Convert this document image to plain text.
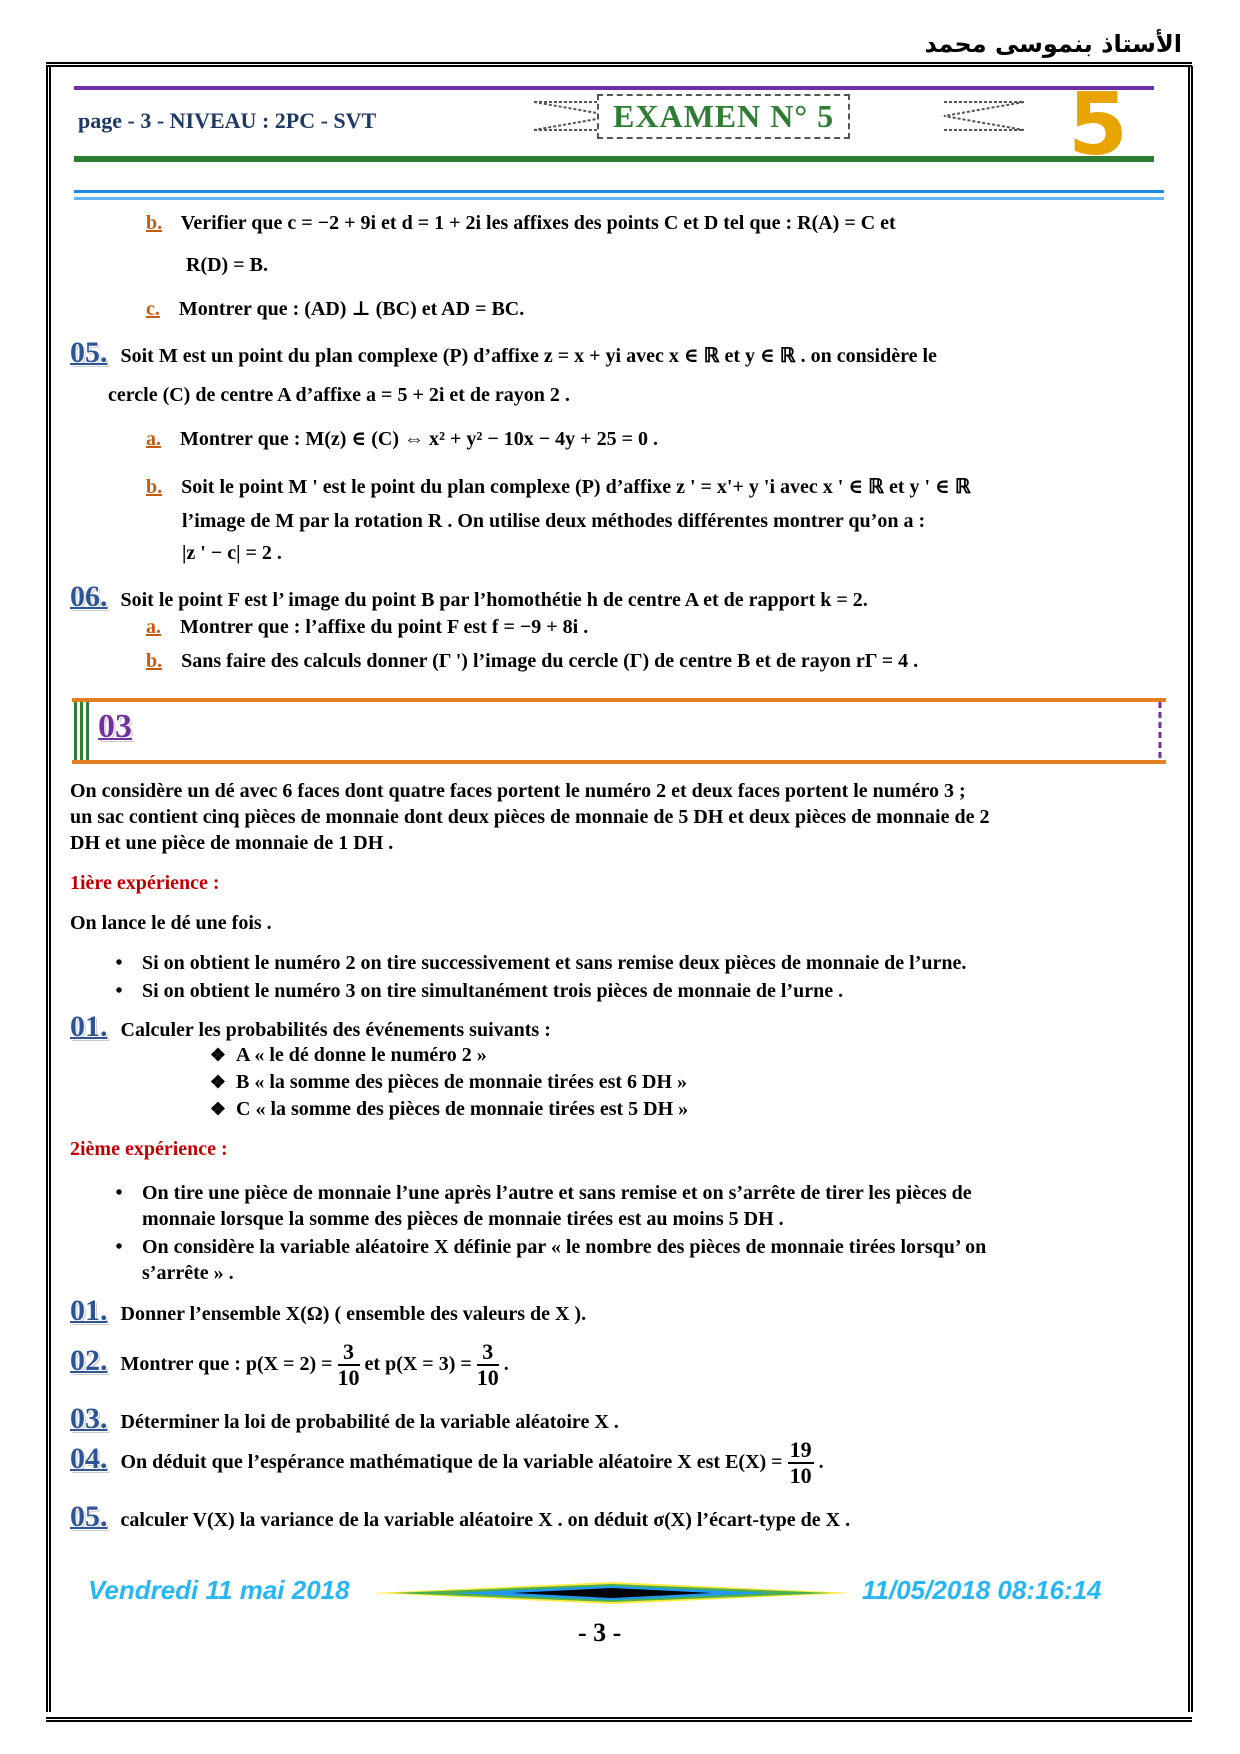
الأستاذ بنموسى محمد
page - 3 - NIVEAU : 2PC - SVT	EXAMEN N° 5	5
b. Verifier que c = −2 + 9i et d = 1 + 2i les affixes des points C et D tel que : R(A) = C et
R(D) = B.
c. Montrer que : (AD) ⊥ (BC) et AD = BC.
05. Soit M est un point du plan complexe (P) d’affixe z = x + yi avec x ∈ ℝ et y ∈ ℝ . on considère le
cercle (C) de centre A d’affixe a = 5 + 2i et de rayon 2 .
a. Montrer que : M(z) ∈ (C) ⇔ x² + y² − 10x − 4y + 25 = 0 .
b. Soit le point M ' est le point du plan complexe (P) d’affixe z ' = x'+ y 'i avec x ' ∈ ℝ et y ' ∈ ℝ
l’image de M par la rotation R . On utilise deux méthodes différentes montrer qu’on a :
|z ' − c| = 2 .
06. Soit le point F est l’ image du point B par l’homothétie h de centre A et de rapport k = 2.
a. Montrer que : l’affixe du point F est f = −9 + 8i .
b. Sans faire des calculs donner (Γ ') l’image du cercle (Γ) de centre B et de rayon rΓ = 4 .
03
On considère un dé avec 6 faces dont quatre faces portent le numéro 2 et deux faces portent le numéro 3 ;
un sac contient cinq pièces de monnaie dont deux pièces de monnaie de 5 DH et deux pièces de monnaie de 2
DH et une pièce de monnaie de 1 DH .
1ière expérience :
On lance le dé une fois .
• Si on obtient le numéro 2 on tire successivement et sans remise deux pièces de monnaie de l’urne.
• Si on obtient le numéro 3 on tire simultanément trois pièces de monnaie de l’urne .
01. Calculer les probabilités des événements suivants :
❖ A « le dé donne le numéro 2 »
❖ B « la somme des pièces de monnaie tirées est 6 DH »
❖ C « la somme des pièces de monnaie tirées est 5 DH »
2ième expérience :
• On tire une pièce de monnaie l’une après l’autre et sans remise et on s’arrête de tirer les pièces de
monnaie lorsque la somme des pièces de monnaie tirées est au moins 5 DH .
• On considère la variable aléatoire X définie par « le nombre des pièces de monnaie tirées lorsqu’ on
s’arrête » .
01. Donner l’ensemble X(Ω) ( ensemble des valeurs de X ).
02. Montrer que : $p(X = 2) = \frac{3}{10}$ et $p(X = 3) = \frac{3}{10}$ .
03. Déterminer la loi de probabilité de la variable aléatoire X .
04. On déduit que l’espérance mathématique de la variable aléatoire X est $E(X) = \frac{19}{10}$ .
05. calculer V(X) la variance de la variable aléatoire X . on déduit σ(X) l’écart-type de X .
Vendredi 11 mai 2018	11/05/2018 08:16:14
- 3 -
